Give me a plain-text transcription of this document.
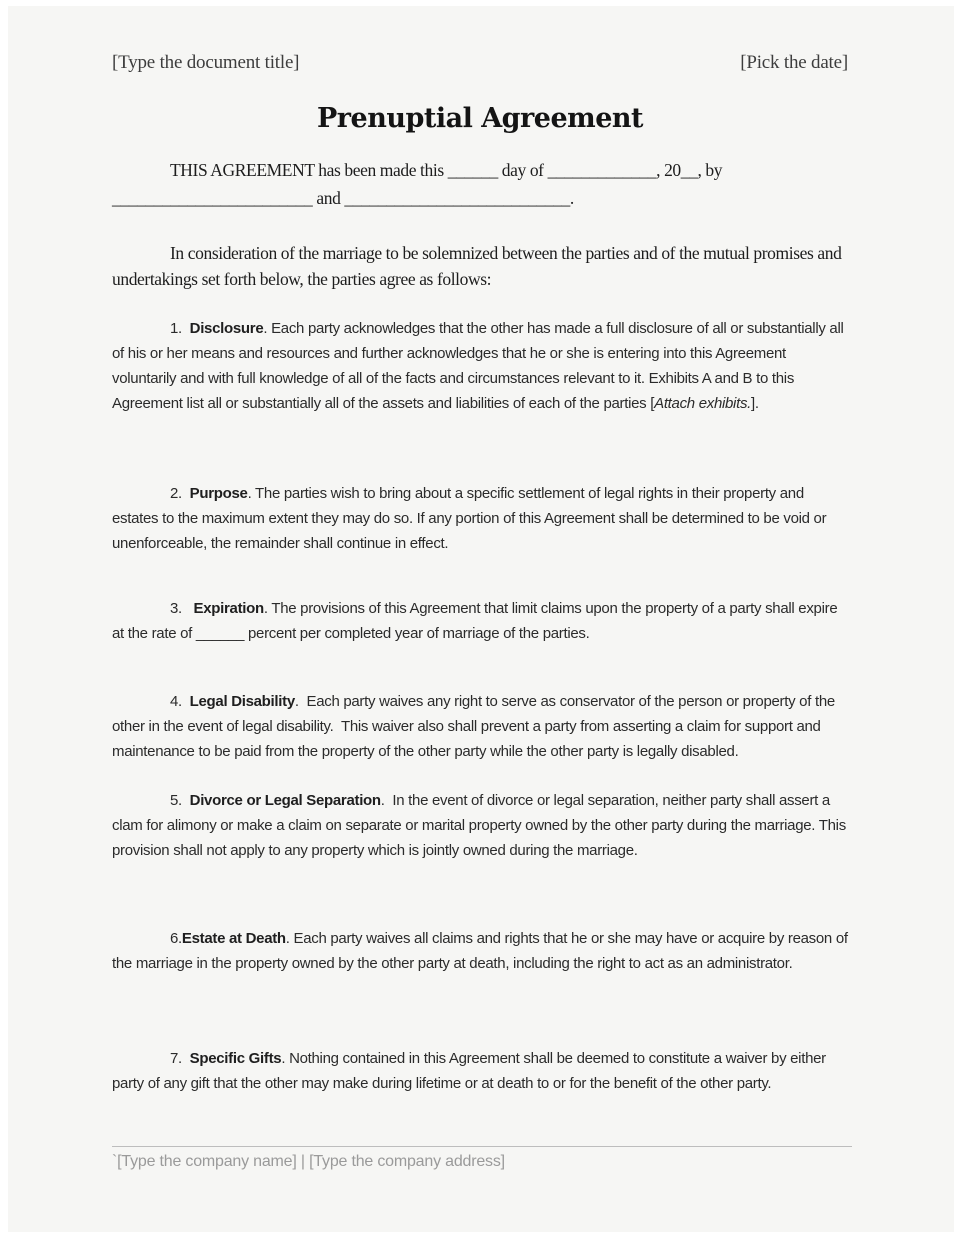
[Type the document title]	[Pick the date]
Prenuptial Agreement

THIS AGREEMENT has been made this ______ day of _____________, 20__, by ________________________ and ___________________________.

In consideration of the marriage to be solemnized between the parties and of the mutual promises and undertakings set forth below, the parties agree as follows:

1.  Disclosure. Each party acknowledges that the other has made a full disclosure of all or substantially all of his or her means and resources and further acknowledges that he or she is entering into this Agreement voluntarily and with full knowledge of all of the facts and circumstances relevant to it. Exhibits A and B to this Agreement list all or substantially all of the assets and liabilities of each of the parties [Attach exhibits.].

2.  Purpose. The parties wish to bring about a specific settlement of legal rights in their property and estates to the maximum extent they may do so. If any portion of this Agreement shall be determined to be void or unenforceable, the remainder shall continue in effect.

3.   Expiration. The provisions of this Agreement that limit claims upon the property of a party shall expire at the rate of ______ percent per completed year of marriage of the parties.

4.  Legal Disability.  Each party waives any right to serve as conservator of the person or property of the other in the event of legal disability.  This waiver also shall prevent a party from asserting a claim for support and maintenance to be paid from the property of the other party while the other party is legally disabled.

5.  Divorce or Legal Separation.  In the event of divorce or legal separation, neither party shall assert a clam for alimony or make a claim on separate or marital property owned by the other party during the marriage. This provision shall not apply to any property which is jointly owned during the marriage.

6.Estate at Death. Each party waives all claims and rights that he or she may have or acquire by reason of the marriage in the property owned by the other party at death, including the right to act as an administrator.

7.  Specific Gifts. Nothing contained in this Agreement shall be deemed to constitute a waiver by either party of any gift that the other may make during lifetime or at death to or for the benefit of the other party.

`[Type the company name] | [Type the company address]
